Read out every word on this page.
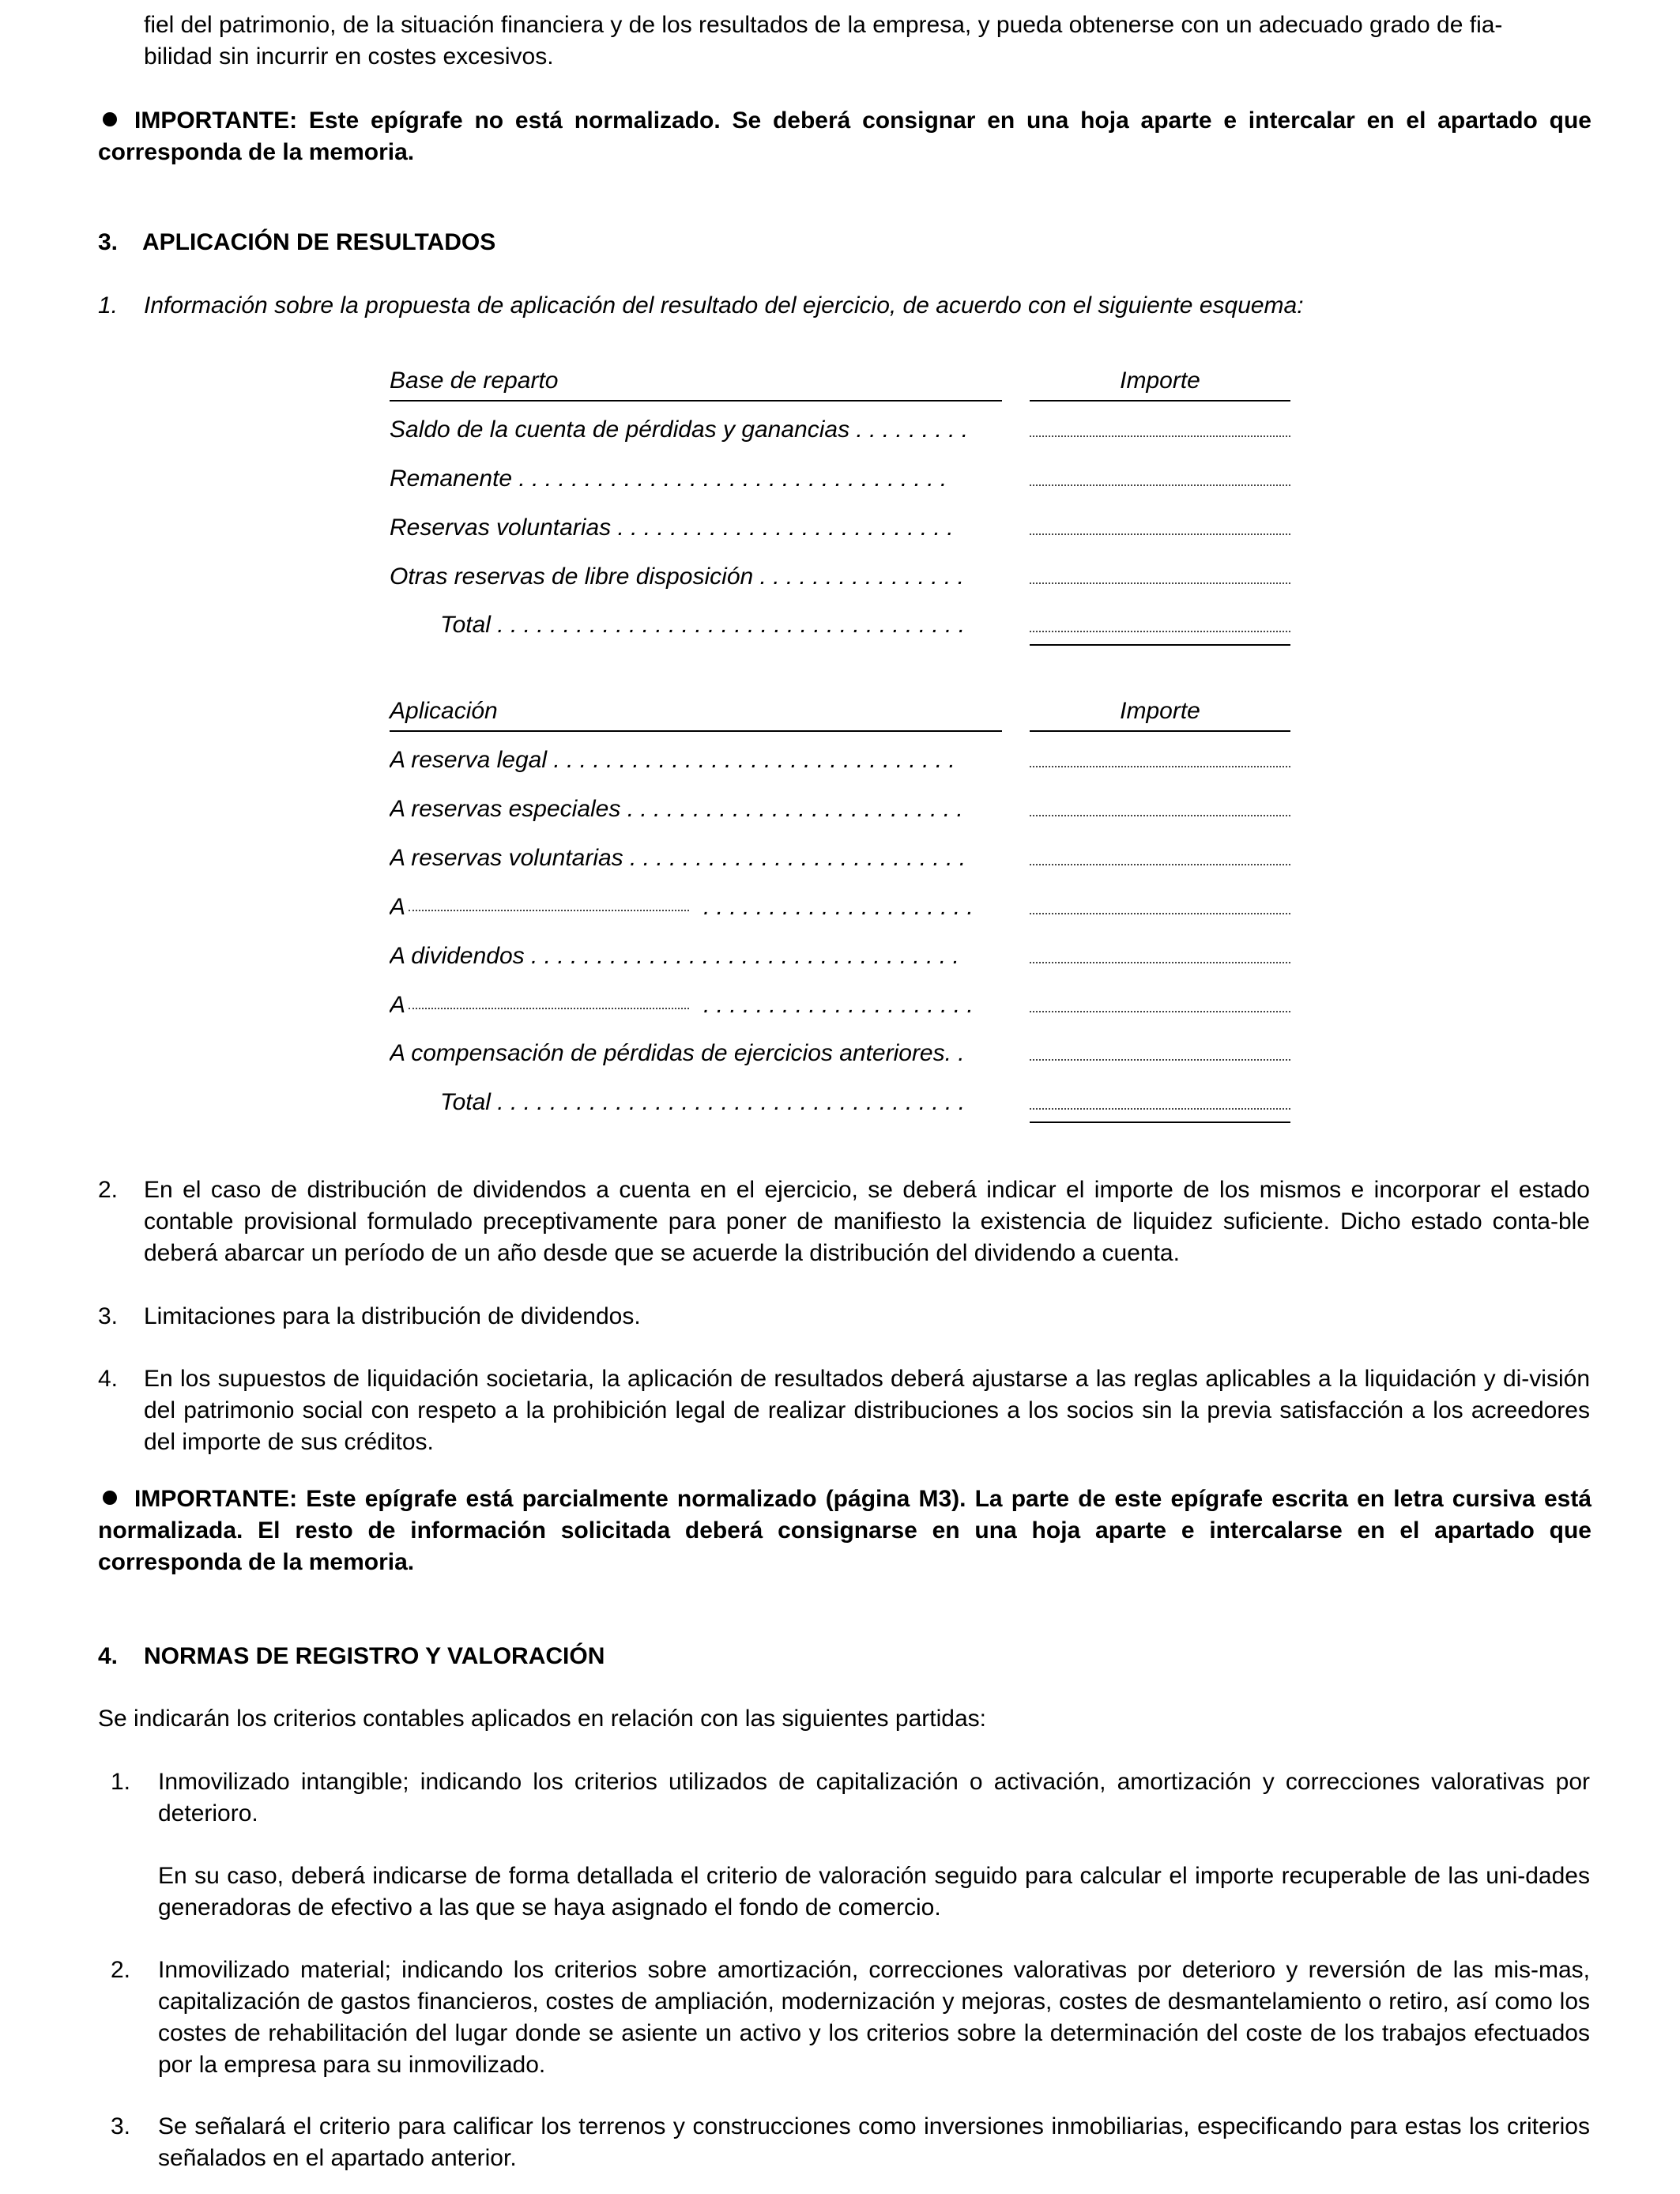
fiel del patrimonio, de la situación financiera y de los resultados de la empresa, y pueda obtenerse con un adecuado grado de fia-
bilidad sin incurrir en costes excesivos.
IMPORTANTE: Este epígrafe no está normalizado. Se deberá consignar en una hoja aparte e intercalar en el apartado que corresponda de la memoria.
3. APLICACIÓN DE RESULTADOS
1. Información sobre la propuesta de aplicación del resultado del ejercicio, de acuerdo con el siguiente esquema:
Base de reparto	Importe
Saldo de la cuenta de pérdidas y ganancias . . . . . . . . .
Remanente . . . . . . . . . . . . . . . . . . . . . . . . . . . . . . . . .
Reservas voluntarias . . . . . . . . . . . . . . . . . . . . . . . . . .
Otras reservas de libre disposición . . . . . . . . . . . . . . . .
Total . . . . . . . . . . . . . . . . . . . . . . . . . . . . . . . . . . . .
Aplicación	Importe
A reserva legal . . . . . . . . . . . . . . . . . . . . . . . . . . . . . . .
A reservas especiales . . . . . . . . . . . . . . . . . . . . . . . . . .
A reservas voluntarias . . . . . . . . . . . . . . . . . . . . . . . . . .
A	. . . . . . . . . . . . . . . . . . . . .
A dividendos . . . . . . . . . . . . . . . . . . . . . . . . . . . . . . . . .
A	. . . . . . . . . . . . . . . . . . . . .
A compensación de pérdidas de ejercicios anteriores. .
Total . . . . . . . . . . . . . . . . . . . . . . . . . . . . . . . . . . . .
2. En el caso de distribución de dividendos a cuenta en el ejercicio, se deberá indicar el importe de los mismos e incorporar el estado contable provisional formulado preceptivamente para poner de manifiesto la existencia de liquidez suficiente. Dicho estado conta-ble deberá abarcar un período de un año desde que se acuerde la distribución del dividendo a cuenta.
3. Limitaciones para la distribución de dividendos.
4. En los supuestos de liquidación societaria, la aplicación de resultados deberá ajustarse a las reglas aplicables a la liquidación y di-visión del patrimonio social con respeto a la prohibición legal de realizar distribuciones a los socios sin la previa satisfacción a los acreedores del importe de sus créditos.
IMPORTANTE: Este epígrafe está parcialmente normalizado (página M3). La parte de este epígrafe escrita en letra cursiva está normalizada. El resto de información solicitada deberá consignarse en una hoja aparte e intercalarse en el apartado que corresponda de la memoria.
4. NORMAS DE REGISTRO Y VALORACIÓN
Se indicarán los criterios contables aplicados en relación con las siguientes partidas:
1. Inmovilizado intangible; indicando los criterios utilizados de capitalización o activación, amortización y correcciones valorativas por deterioro.
En su caso, deberá indicarse de forma detallada el criterio de valoración seguido para calcular el importe recuperable de las uni-dades generadoras de efectivo a las que se haya asignado el fondo de comercio.
2. Inmovilizado material; indicando los criterios sobre amortización, correcciones valorativas por deterioro y reversión de las mis-mas, capitalización de gastos financieros, costes de ampliación, modernización y mejoras, costes de desmantelamiento o retiro, así como los costes de rehabilitación del lugar donde se asiente un activo y los criterios sobre la determinación del coste de los trabajos efectuados por la empresa para su inmovilizado.
3. Se señalará el criterio para calificar los terrenos y construcciones como inversiones inmobiliarias, especificando para estas los criterios señalados en el apartado anterior.
